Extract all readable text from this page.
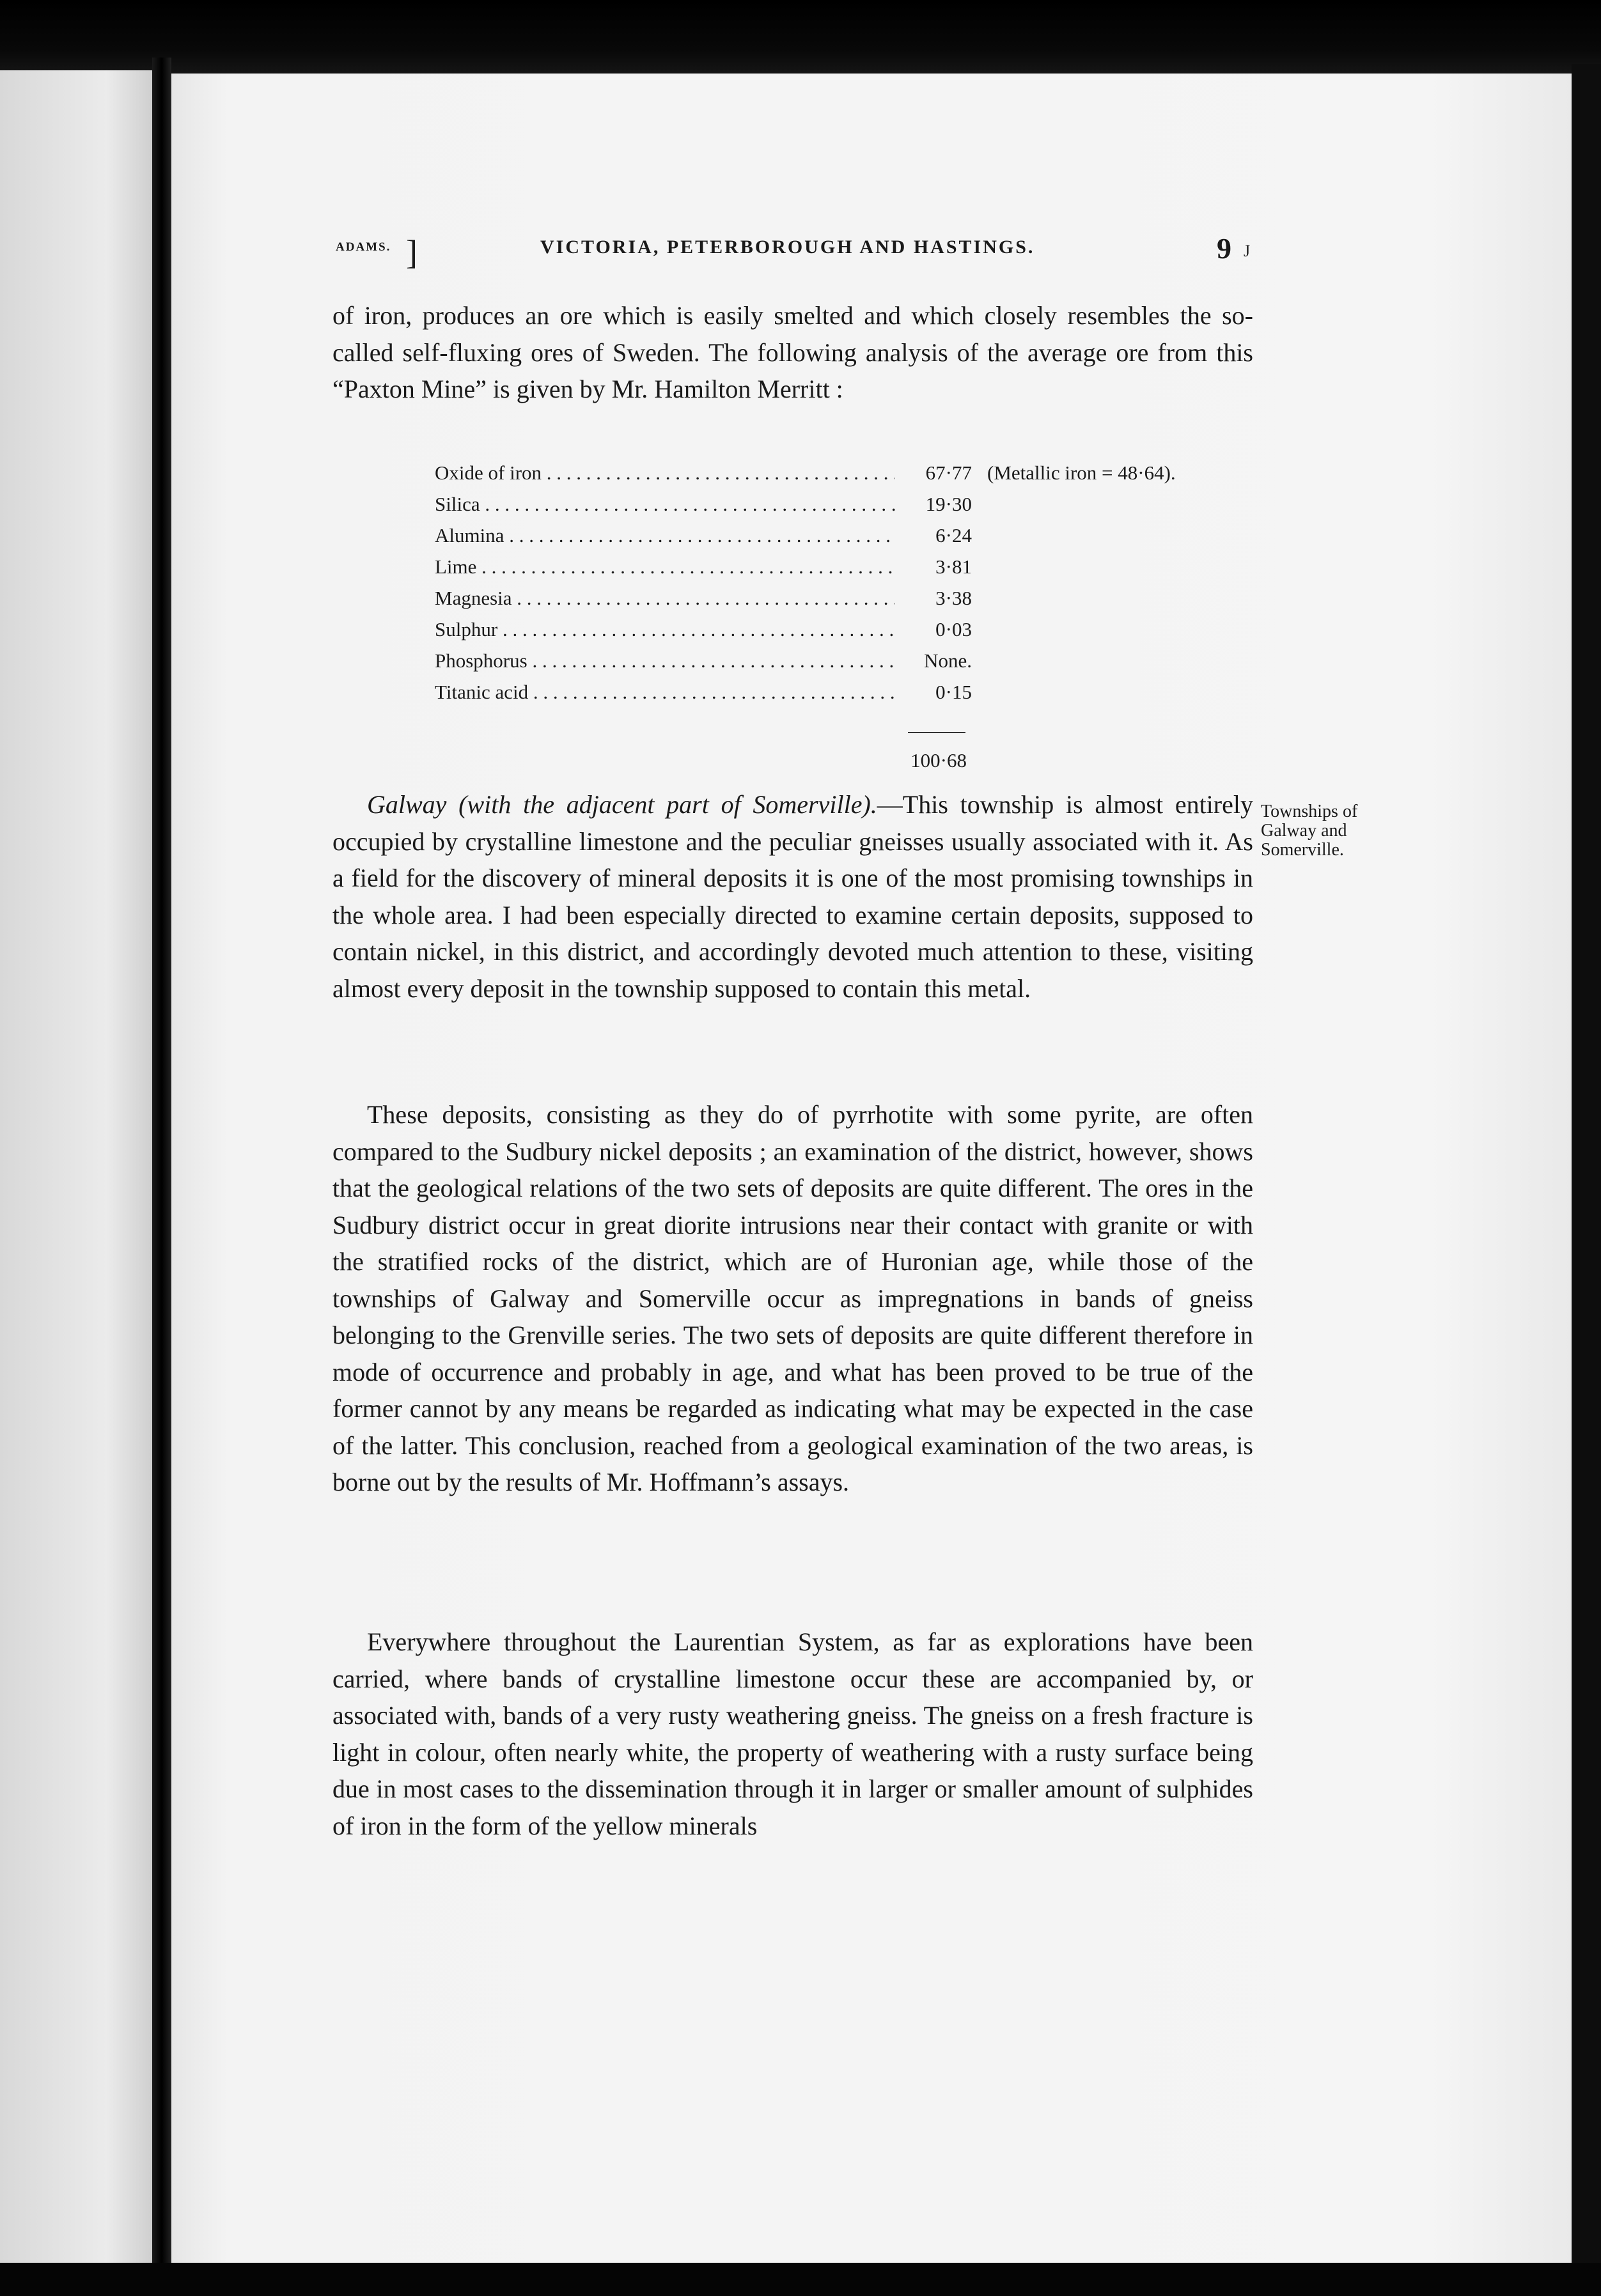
ADAMS. ]	VICTORIA, PETERBOROUGH AND HASTINGS.	9 J

of iron, produces an ore which is easily smelted and which closely resembles the so-called self-fluxing ores of Sweden. The following analysis of the average ore from this “Paxton Mine” is given by Mr. Hamilton Merritt :

Oxide of iron . . .	67·77 (Metallic iron = 48·64).
Silica . . .	19·30
Alumina . . .	6·24
Lime . . .	3·81
Magnesia . . .	3·38
Sulphur . . .	0·03
Phosphorus . . .	None.
Titanic acid . . .	0·15
100·68

Galway (with the adjacent part of Somerville).—This township is almost entirely occupied by crystalline limestone and the peculiar gneisses usually associated with it. As a field for the discovery of mineral deposits it is one of the most promising townships in the whole area. I had been especially directed to examine certain deposits, supposed to contain nickel, in this district, and accordingly devoted much attention to these, visiting almost every deposit in the township supposed to contain this metal.

Townships of Galway and Somerville.

These deposits, consisting as they do of pyrrhotite with some pyrite, are often compared to the Sudbury nickel deposits ; an examination of the district, however, shows that the geological relations of the two sets of deposits are quite different. The ores in the Sudbury district occur in great diorite intrusions near their contact with granite or with the stratified rocks of the district, which are of Huronian age, while those of the townships of Galway and Somerville occur as impregnations in bands of gneiss belonging to the Grenville series. The two sets of deposits are quite different therefore in mode of occurrence and probably in age, and what has been proved to be true of the former cannot by any means be regarded as indicating what may be expected in the case of the latter. This conclusion, reached from a geological examination of the two areas, is borne out by the results of Mr. Hoffmann’s assays.

Everywhere throughout the Laurentian System, as far as explorations have been carried, where bands of crystalline limestone occur these are accompanied by, or associated with, bands of a very rusty weathering gneiss. The gneiss on a fresh fracture is light in colour, often nearly white, the property of weathering with a rusty surface being due in most cases to the dissemination through it in larger or smaller amount of sulphides of iron in the form of the yellow minerals
